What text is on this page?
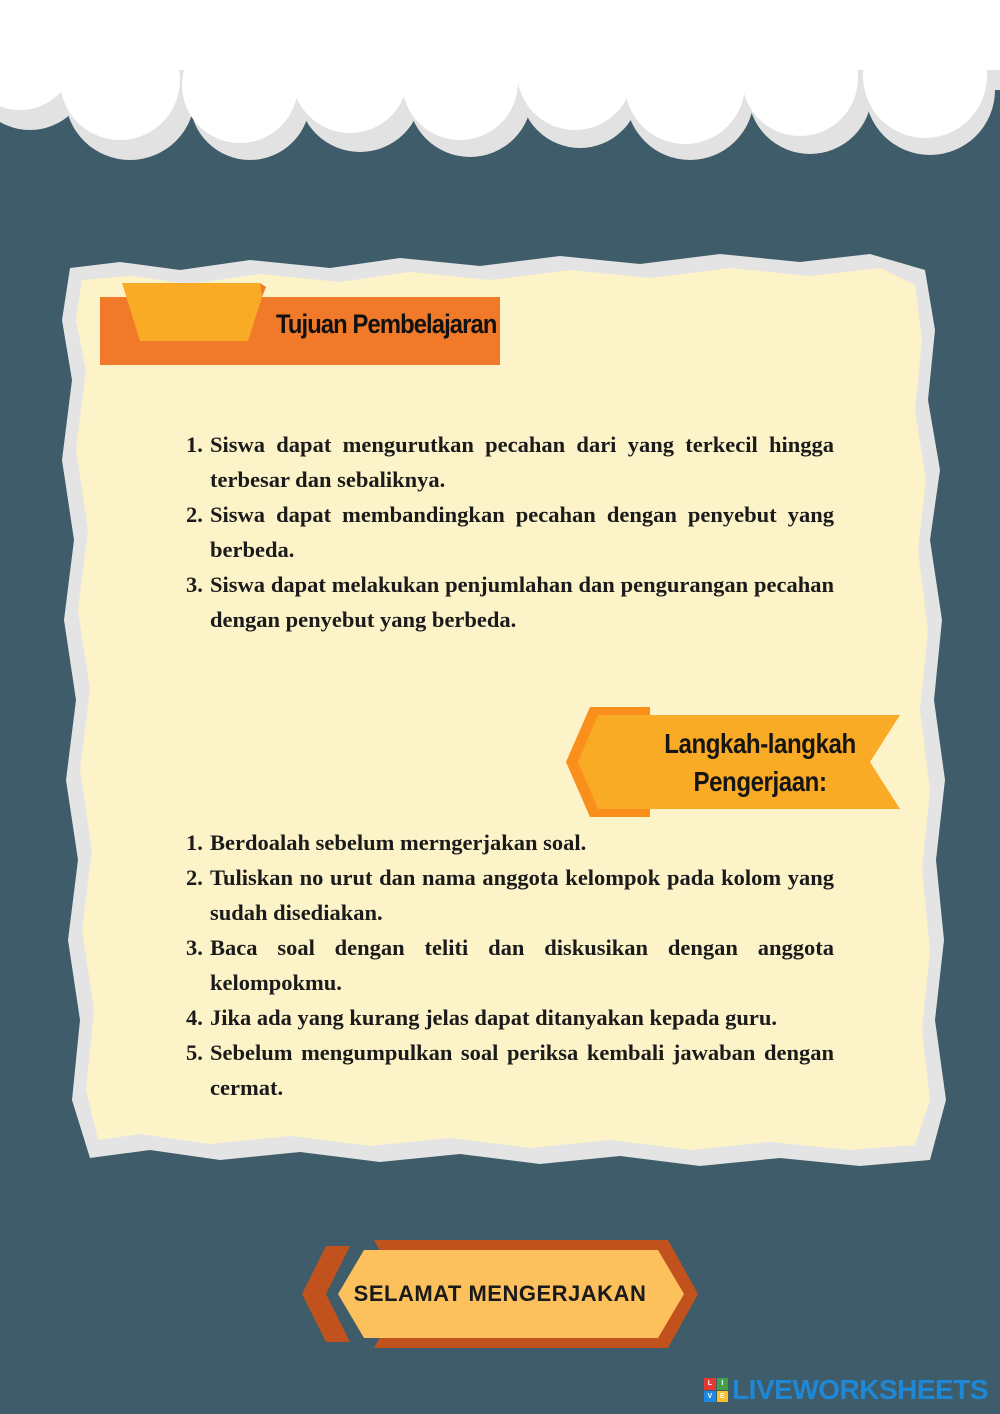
Tujuan Pembelajaran
1. Siswa dapat mengurutkan pecahan dari yang terkecil hingga terbesar dan sebaliknya.
2. Siswa dapat membandingkan pecahan dengan penyebut yang berbeda.
3. Siswa dapat melakukan penjumlahan dan pengurangan pecahan dengan penyebut yang berbeda.
Langkah-langkah
Pengerjaan:
1. Berdoalah sebelum merngerjakan soal.
2. Tuliskan no urut dan nama anggota kelompok pada kolom yang sudah disediakan.
3. Baca soal dengan teliti dan diskusikan dengan anggota kelompokmu.
4. Jika ada yang kurang jelas dapat ditanyakan kepada guru.
5. Sebelum mengumpulkan soal periksa kembali jawaban dengan cermat.
SELAMAT MENGERJAKAN
L	I
V	E LIVEWORKSHEETS
